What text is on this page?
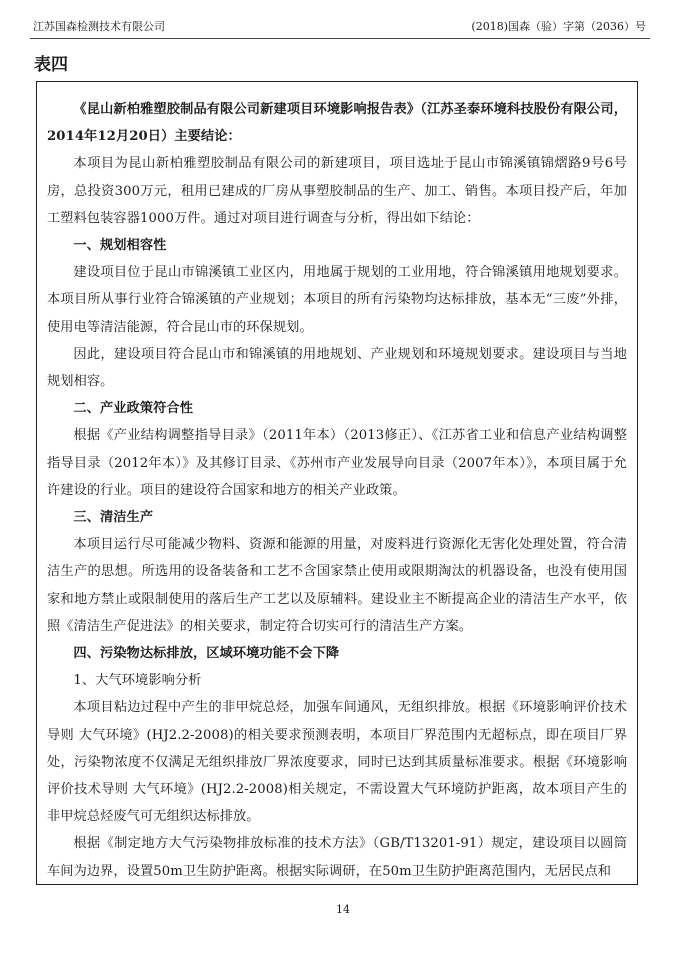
江苏国森检测技术有限公司	(2018)国森（验）字第（2036）号
表四

《昆山新柏雅塑胶制品有限公司新建项目环境影响报告表》（江苏圣泰环境科技股份有限公司，2014年12月20日）主要结论：

本项目为昆山新柏雅塑胶制品有限公司的新建项目，项目选址于昆山市锦溪镇锦熠路9号6号房，总投资300万元，租用已建成的厂房从事塑胶制品的生产、加工、销售。本项目投产后，年加工塑料包装容器1000万件。通过对项目进行调查与分析，得出如下结论：

一、规划相容性

建设项目位于昆山市锦溪镇工业区内，用地属于规划的工业用地，符合锦溪镇用地规划要求。本项目所从事行业符合锦溪镇的产业规划；本项目的所有污染物均达标排放，基本无“三废”外排，使用电等清洁能源，符合昆山市的环保规划。

因此，建设项目符合昆山市和锦溪镇的用地规划、产业规划和环境规划要求。建设项目与当地规划相容。

二、产业政策符合性

根据《产业结构调整指导目录》（2011年本）（2013修正）、《江苏省工业和信息产业结构调整指导目录（2012年本）》及其修订目录、《苏州市产业发展导向目录（2007年本）》，本项目属于允许建设的行业。项目的建设符合国家和地方的相关产业政策。

三、清洁生产

本项目运行尽可能减少物料、资源和能源的用量，对废料进行资源化无害化处理处置，符合清洁生产的思想。所选用的设备装备和工艺不含国家禁止使用或限期淘汰的机器设备，也没有使用国家和地方禁止或限制使用的落后生产工艺以及原辅料。建设业主不断提高企业的清洁生产水平，依照《清洁生产促进法》的相关要求，制定符合切实可行的清洁生产方案。

四、污染物达标排放，区域环境功能不会下降

1、大气环境影响分析

本项目粘边过程中产生的非甲烷总烃，加强车间通风，无组织排放。根据《环境影响评价技术导则 大气环境》(HJ2.2-2008)的相关要求预测表明，本项目厂界范围内无超标点，即在项目厂界处，污染物浓度不仅满足无组织排放厂界浓度要求，同时已达到其质量标准要求。根据《环境影响评价技术导则 大气环境》(HJ2.2-2008)相关规定，不需设置大气环境防护距离，故本项目产生的非甲烷总烃废气可无组织达标排放。

根据《制定地方大气污染物排放标准的技术方法》（GB/T13201-91）规定，建设项目以圆筒车间为边界，设置50m卫生防护距离。根据实际调研，在50m卫生防护距离范围内，无居民点和

14
